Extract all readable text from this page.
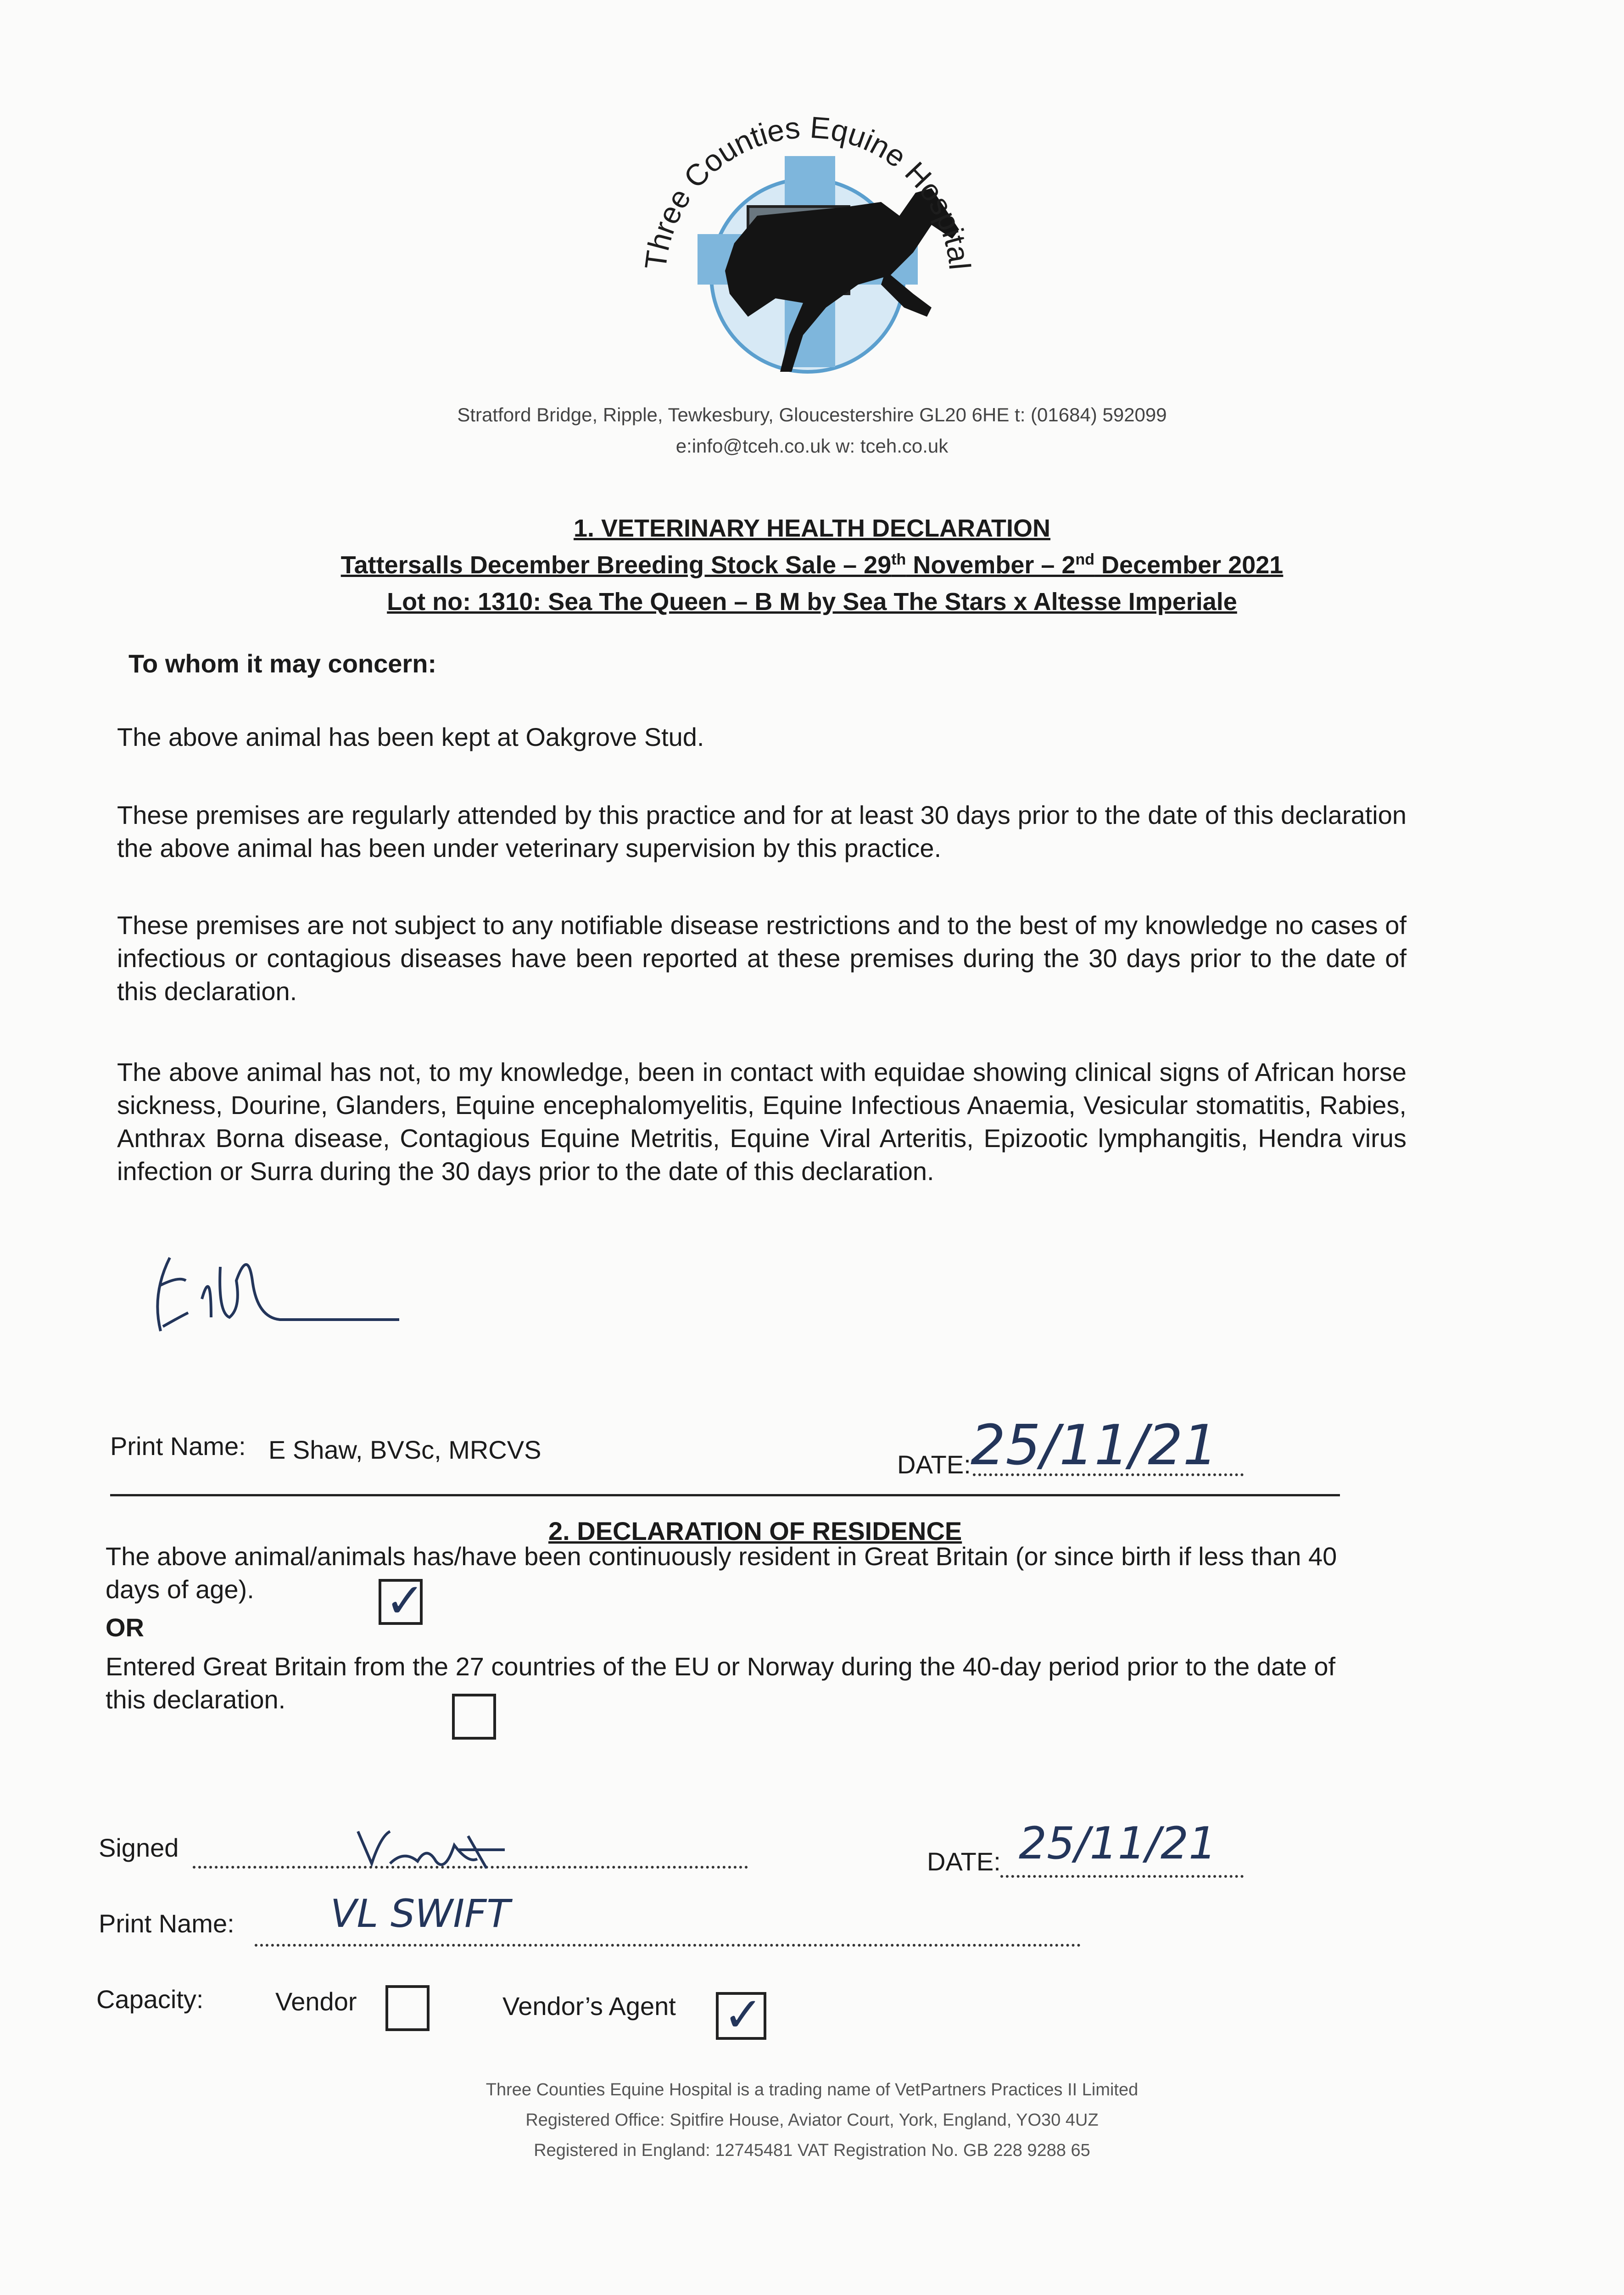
Three Counties Equine Hospital
Stratford Bridge, Ripple, Tewkesbury, Gloucestershire GL20 6HE t: (01684) 592099
e:info@tceh.co.uk w: tceh.co.uk
1. VETERINARY HEALTH DECLARATION
Tattersalls December Breeding Stock Sale – 29th November – 2nd December 2021
Lot no: 1310: Sea The Queen – B M by Sea The Stars x Altesse Imperiale
To whom it may concern:
The above animal has been kept at Oakgrove Stud.
These premises are regularly attended by this practice and for at least 30 days prior to the date of this declaration the above animal has been under veterinary supervision by this practice.
These premises are not subject to any notifiable disease restrictions and to the best of my knowledge no cases of infectious or contagious diseases have been reported at these premises during the 30 days prior to the date of this declaration.
The above animal has not, to my knowledge, been in contact with equidae showing clinical signs of African horse sickness, Dourine, Glanders, Equine encephalomyelitis, Equine Infectious Anaemia, Vesicular stomatitis, Rabies, Anthrax Borna disease, Contagious Equine Metritis, Equine Viral Arteritis, Epizootic lymphangitis, Hendra virus infection or Surra during the 30 days prior to the date of this declaration.
Print Name: E Shaw, BVSc, MRCVS
DATE: 25/11/21
2. DECLARATION OF RESIDENCE
The above animal/animals has/have been continuously resident in Great Britain (or since birth if less than 40 days of age).	✓
OR
Entered Great Britain from the 27 countries of the EU or Norway during the 40-day period prior to the date of this declaration.
Signed	DATE: 25/11/21
Print Name: VL SWIFT
Capacity:	Vendor	Vendor’s Agent ✓
Three Counties Equine Hospital is a trading name of VetPartners Practices II Limited
Registered Office: Spitfire House, Aviator Court, York, England, YO30 4UZ
Registered in England: 12745481 VAT Registration No. GB 228 9288 65
